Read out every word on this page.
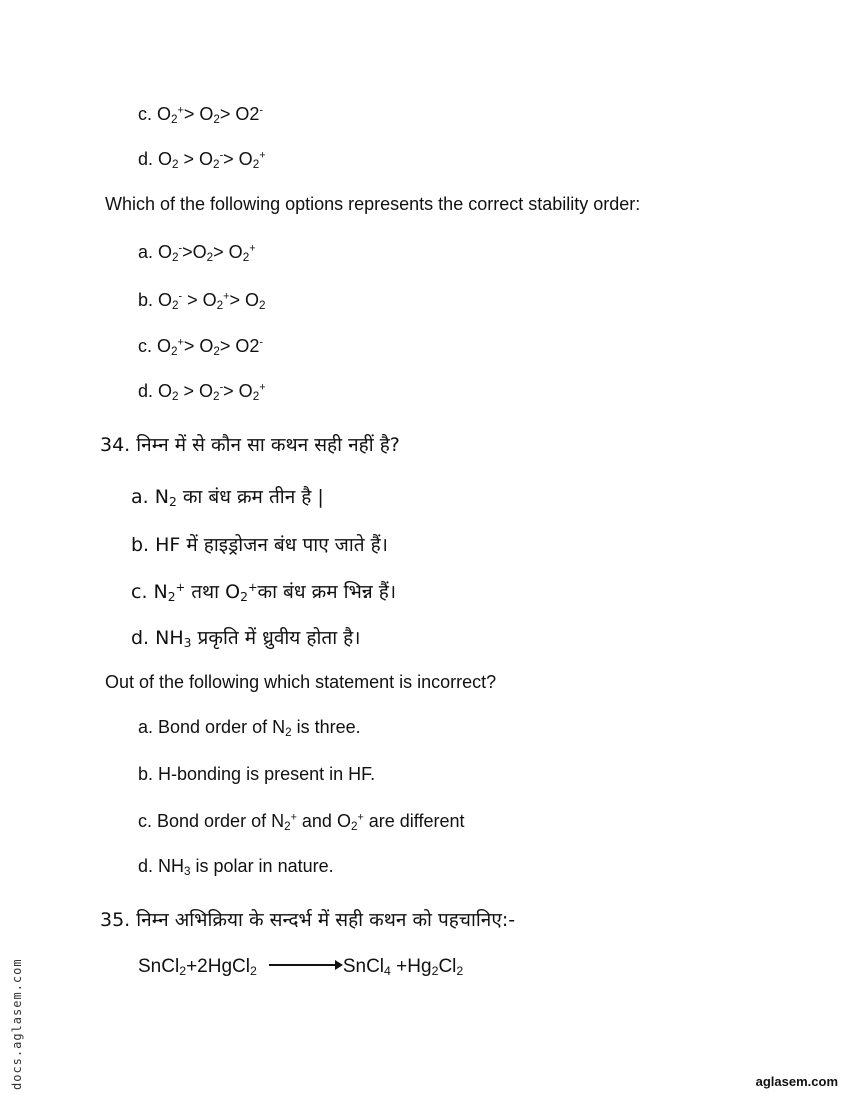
c. $O_2^+> O_2> O2^-$
d. $O_2 > O_2^-> O_2^+$
Which of the following options represents the correct stability order:
a. $O_2^->O_2> O_2^+$
b. $O_2^- > O_2^+> O_2$
c. $O_2^+> O_2> O2^-$
d. $O_2 > O_2^-> O_2^+$
34. निम्न में से कौन सा कथन सही नहीं है?
a. $N_2$ का बंध क्रम तीन है |
b. HF में हाइड्रोजन बंध पाए जाते हैं।
c. $N_2^+$ तथा $O_2^+का$ बंध क्रम भिन्न हैं।
d. $NH_3$ प्रकृति में ध्रुवीय होता है।
Out of the following which statement is incorrect?
a. Bond order of $N_2$ is three.
b. H-bonding is present in HF.
c. Bond order of $N_2^+$ and $O_2^+$ are different
d. $NH_3$ is polar in nature.
35. निम्न अभिक्रिया के सन्दर्भ में सही कथन को पहचानिए:-
SnCl$_2$+2HgCl$_2$ → SnCl$_4$ $+Hg_2Cl_2$
docs.aglasem.com	aglasem.com
